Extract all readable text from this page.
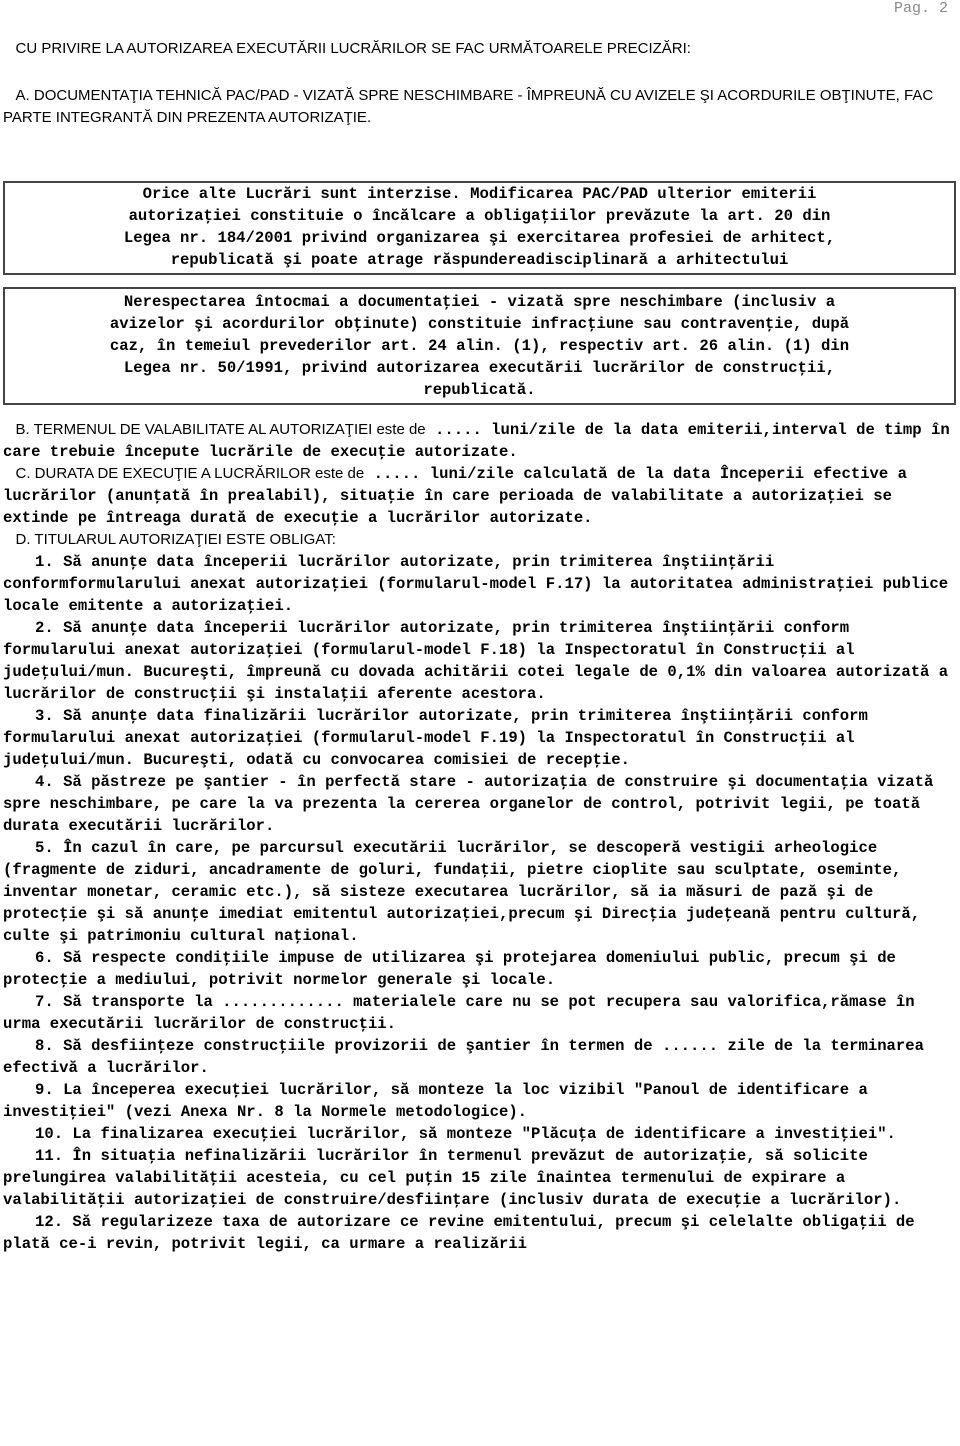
Pag. 2

CU PRIVIRE LA AUTORIZAREA EXECUTĂRII LUCRĂRILOR SE FAC URMĂTOARELE PRECIZĂRI:

A. DOCUMENTAŢIA TEHNICĂ PAC/PAD - VIZATĂ SPRE NESCHIMBARE - ÎMPREUNĂ CU AVIZELE ŞI ACORDURILE OBŢINUTE, FAC PARTE INTEGRANTĂ DIN PREZENTA AUTORIZAŢIE.

Orice alte Lucrări sunt interzise. Modificarea PAC/PAD ulterior emiterii

autorizaţiei constituie o încălcare a obligaţiilor prevăzute la art. 20 din

Legea nr. 184/2001 privind organizarea şi exercitarea profesiei de arhitect,

republicată şi poate atrage răspundereadisciplinară a arhitectului

Nerespectarea întocmai a documentaţiei - vizată spre neschimbare (inclusiv a

avizelor şi acordurilor obţinute) constituie infracţiune sau contravenţie, după

caz, în temeiul prevederilor art. 24 alin. (1), respectiv art. 26 alin. (1) din

Legea nr. 50/1991, privind autorizarea executării lucrărilor de construcţii,

republicată.

B. TERMENUL DE VALABILITATE AL AUTORIZAŢIEI este de ..... luni/zile de la data emiterii,interval de timp în care trebuie începute lucrările de execuţie autorizate.

C. DURATA DE EXECUŢIE A LUCRĂRILOR este de ..... luni/zile calculată de la data Începerii efective a lucrărilor (anunţată în prealabil), situaţie în care perioada de valabilitate a autorizaţiei se extinde pe întreaga durată de execuţie a lucrărilor autorizate.

D. TITULARUL AUTORIZAŢIEI ESTE OBLIGAT:

1. Să anunţe data începerii lucrărilor autorizate, prin trimiterea înştiinţării conformformularului anexat autorizaţiei (formularul-model F.17) la autoritatea administraţiei publice locale emitente a autorizaţiei.

2. Să anunţe data începerii lucrărilor autorizate, prin trimiterea înştiinţării conform formularului anexat autorizaţiei (formularul-model F.18) la Inspectoratul în Construcţii al judeţului/mun. Bucureşti, împreună cu dovada achitării cotei legale de 0,1% din valoarea autorizată a lucrărilor de construcţii şi instalaţii aferente acestora.

3. Să anunţe data finalizării lucrărilor autorizate, prin trimiterea înştiinţării conform formularului anexat autorizaţiei (formularul-model F.19) la Inspectoratul în Construcţii al judeţului/mun. Bucureşti, odată cu convocarea comisiei de recepţie.

4. Să păstreze pe şantier - în perfectă stare - autorizaţia de construire şi documentaţia vizată spre neschimbare, pe care la va prezenta la cererea organelor de control, potrivit legii, pe toată durata executării lucrărilor.

5. În cazul în care, pe parcursul executării lucrărilor, se descoperă vestigii arheologice (fragmente de ziduri, ancadramente de goluri, fundaţii, pietre cioplite sau sculptate, oseminte, inventar monetar, ceramic etc.), să sisteze executarea lucrărilor, să ia măsuri de pază şi de protecţie şi să anunţe imediat emitentul autorizaţiei,precum şi Direcţia judeţeană pentru cultură, culte şi patrimoniu cultural naţional.

6. Să respecte condiţiile impuse de utilizarea şi protejarea domeniului public, precum şi de protecţie a mediului, potrivit normelor generale şi locale.

7. Să transporte la ............. materialele care nu se pot recupera sau valorifica,rămase în urma executării lucrărilor de construcţii.

8. Să desfiinţeze construcţiile provizorii de şantier în termen de ...... zile de la terminarea efectivă a lucrărilor.

9. La începerea execuţiei lucrărilor, să monteze la loc vizibil "Panoul de identificare a investiţiei" (vezi Anexa Nr. 8 la Normele metodologice).

10. La finalizarea execuţiei lucrărilor, să monteze "Plăcuţa de identificare a investiţiei".

11. În situaţia nefinalizării lucrărilor în termenul prevăzut de autorizaţie, să solicite prelungirea valabilităţii acesteia, cu cel puţin 15 zile înaintea termenului de expirare a valabilităţii autorizaţiei de construire/desfiinţare (inclusiv durata de execuţie a lucrărilor).

12. Să regularizeze taxa de autorizare ce revine emitentului, precum şi celelalte obligaţii de plată ce-i revin, potrivit legii, ca urmare a realizării
